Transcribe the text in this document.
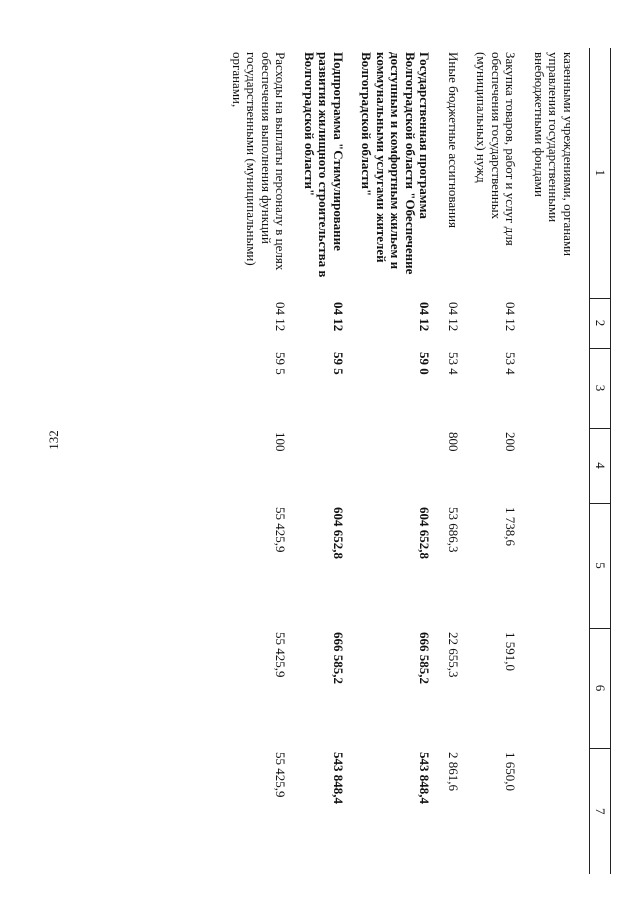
132
1	2	3	4	5	6	7

казенными учреждениями, органами управления государственными внебюджетными фондами						

Закупка товаров, работ и услуг для обеспечения государственных (муниципальных) нужд	04 12	53 4	200	1 738,6	1 591,0	1 650,0

Иные бюджетные ассигнования	04 12	53 4	800	53 686,3	22 655,3	2 861,6

Государственная программа Волгоградской области "Обеспечение доступным и комфортным жильем и коммунальными услугами жителей Волгоградской области"	04 12	59 0		604 652,8	666 585,2	543 848,4

Подпрограмма "Стимулирование развития жилищного строительства в Волгоградской области"	04 12	59 5		604 652,8	666 585,2	543 848,4

Расходы на выплаты персоналу в целях обеспечения выполнения функций государственными (муниципальными) органами,	04 12	59 5	100	55 425,9	55 425,9	55 425,9
